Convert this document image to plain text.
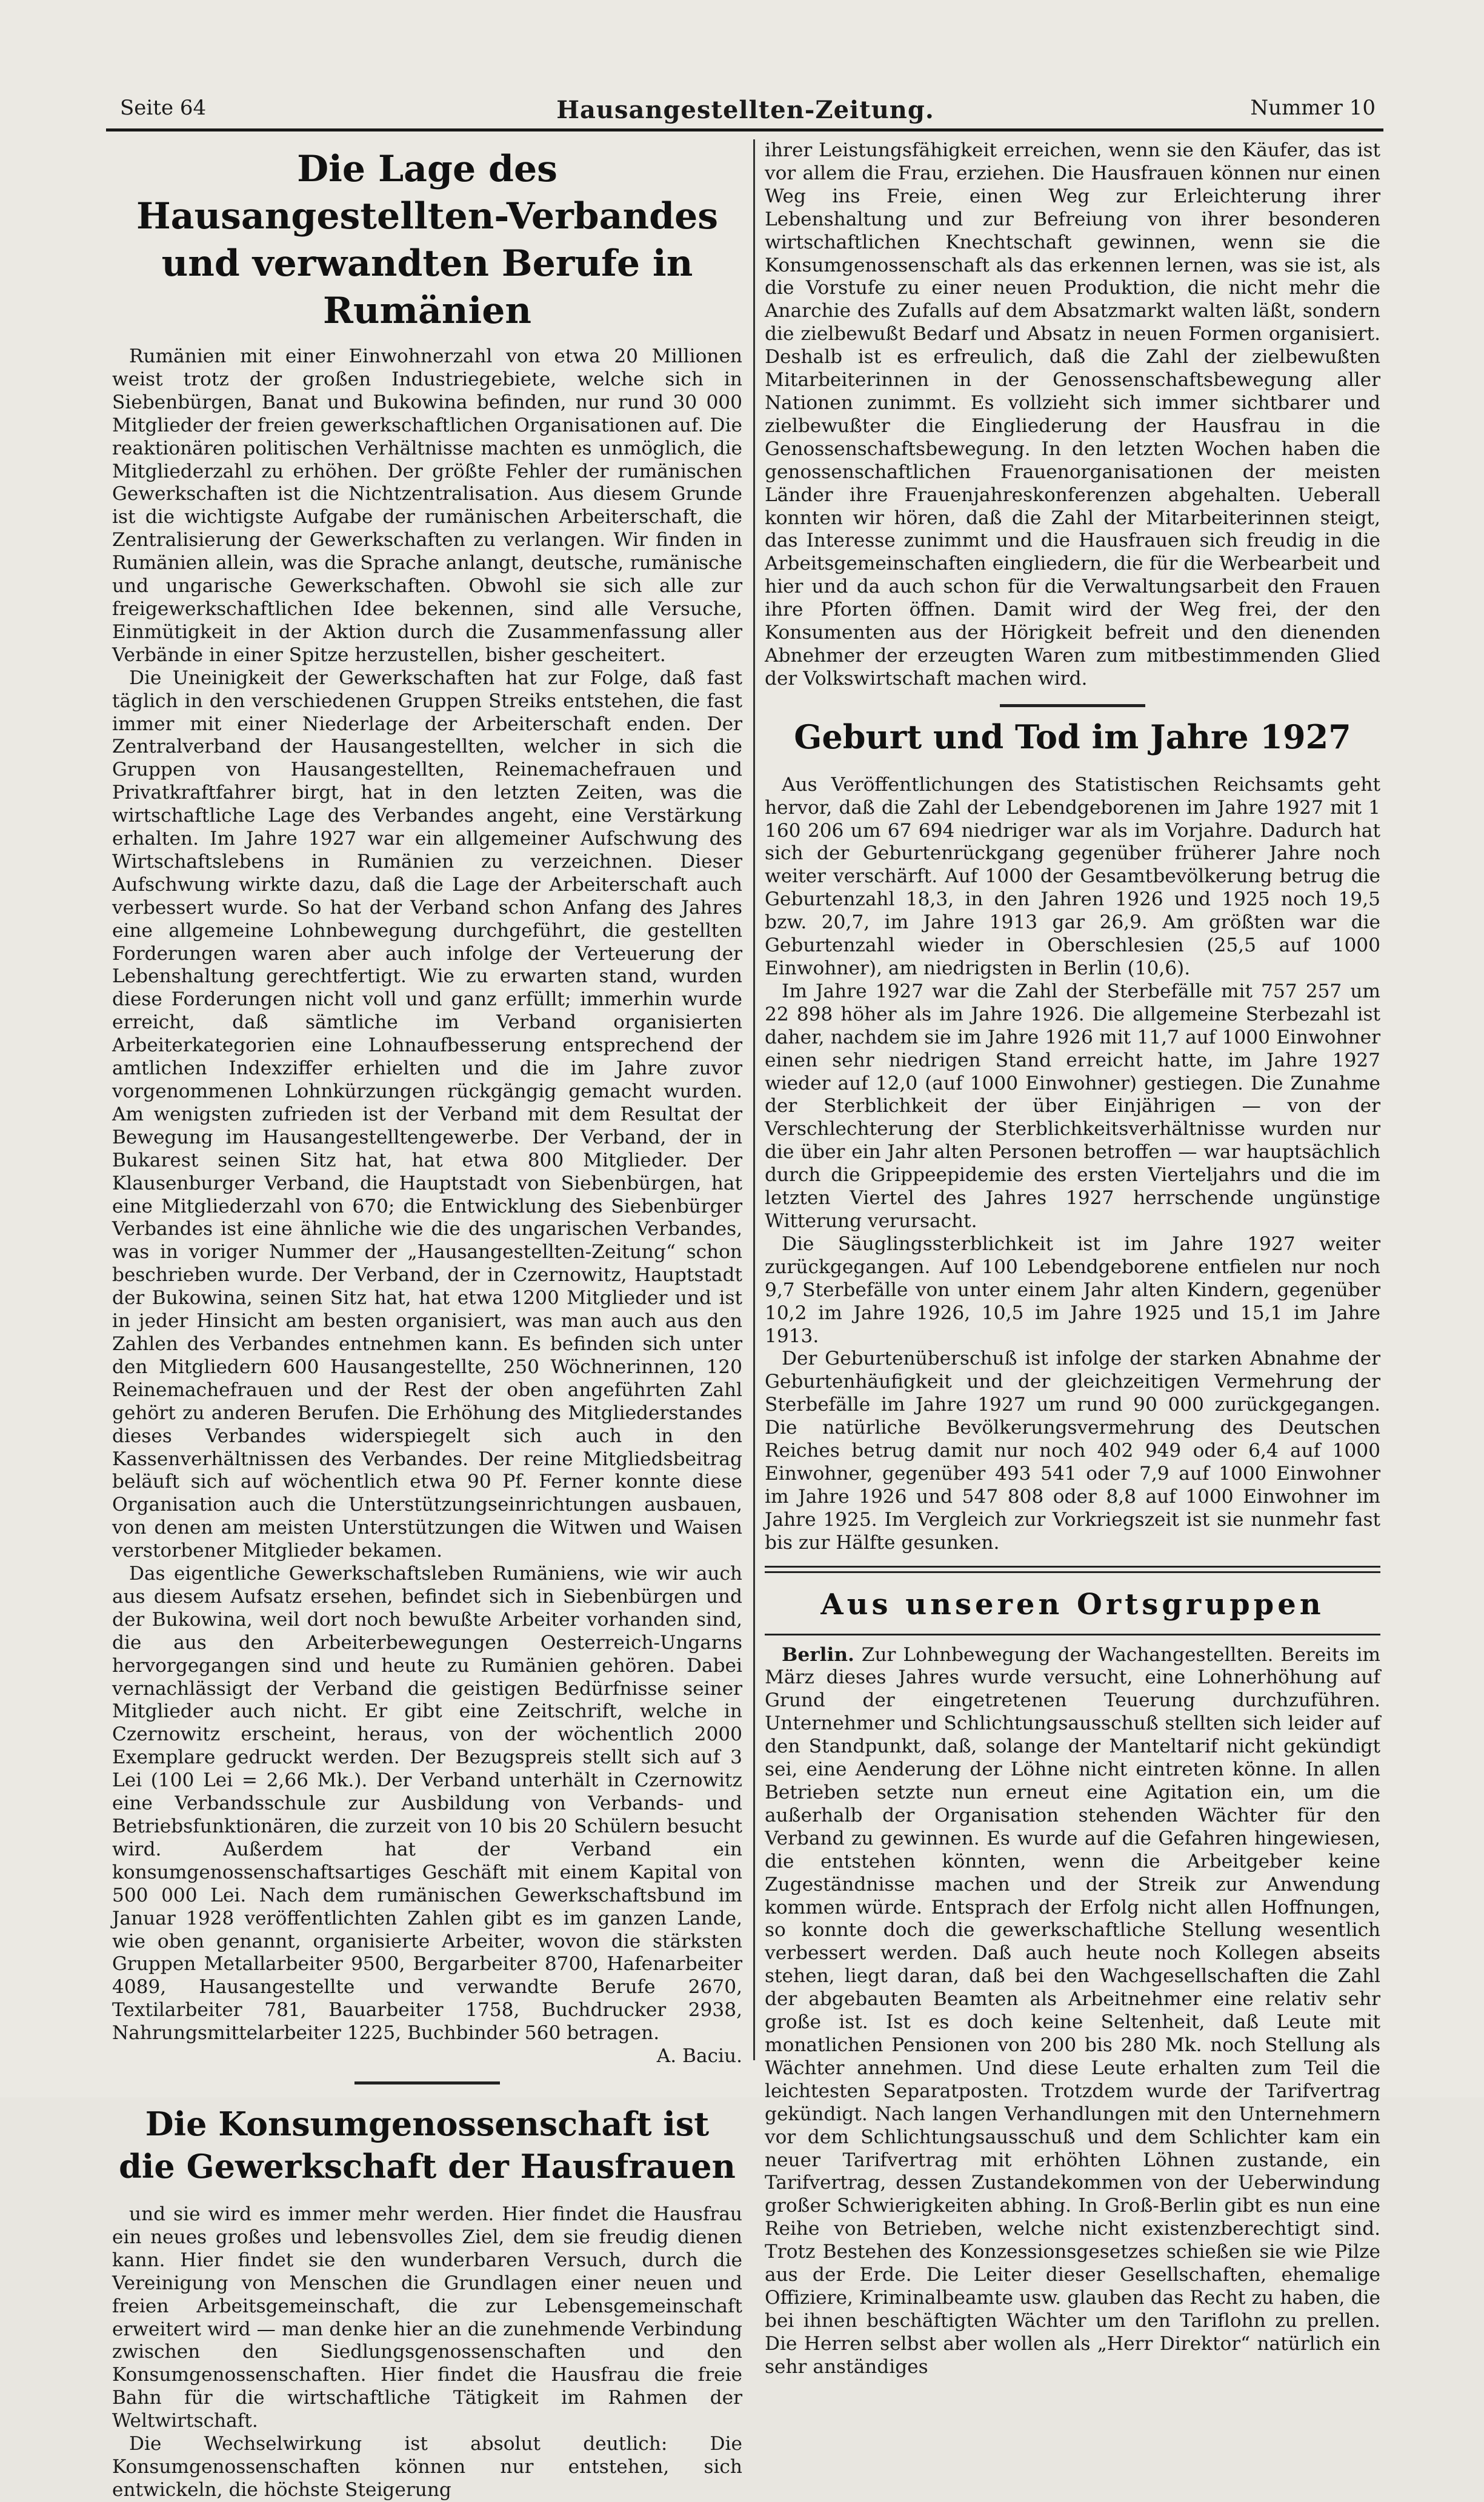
Seite 64	Hausangestellten-Zeitung.	Nummer 10
Die Lage des Hausangestellten-Verbandes und verwandten Berufe in Rumänien

Rumänien mit einer Einwohnerzahl von etwa 20 Millionen weist trotz der großen Industriegebiete, welche sich in Siebenbürgen, Banat und Bukowina befinden, nur rund 30 000 Mitglieder der freien gewerkschaftlichen Organisationen auf. Die reaktionären politischen Verhältnisse machten es unmöglich, die Mitgliederzahl zu erhöhen. Der größte Fehler der rumänischen Gewerkschaften ist die Nichtzentralisation. Aus diesem Grunde ist die wichtigste Aufgabe der rumänischen Arbeiterschaft, die Zentralisierung der Gewerkschaften zu verlangen. Wir finden in Rumänien allein, was die Sprache anlangt, deutsche, rumänische und ungarische Gewerkschaften. Obwohl sie sich alle zur freigewerkschaftlichen Idee bekennen, sind alle Versuche, Einmütigkeit in der Aktion durch die Zusammenfassung aller Verbände in einer Spitze herzustellen, bisher gescheitert.

Die Uneinigkeit der Gewerkschaften hat zur Folge, daß fast täglich in den verschiedenen Gruppen Streiks entstehen, die fast immer mit einer Niederlage der Arbeiterschaft enden. Der Zentralverband der Hausangestellten, welcher in sich die Gruppen von Hausangestellten, Reinemachefrauen und Privatkraftfahrer birgt, hat in den letzten Zeiten, was die wirtschaftliche Lage des Verbandes angeht, eine Verstärkung erhalten. Im Jahre 1927 war ein allgemeiner Aufschwung des Wirtschaftslebens in Rumänien zu verzeichnen. Dieser Aufschwung wirkte dazu, daß die Lage der Arbeiterschaft auch verbessert wurde. So hat der Verband schon Anfang des Jahres eine allgemeine Lohnbewegung durchgeführt, die gestellten Forderungen waren aber auch infolge der Verteuerung der Lebenshaltung gerechtfertigt. Wie zu erwarten stand, wurden diese Forderungen nicht voll und ganz erfüllt; immerhin wurde erreicht, daß sämtliche im Verband organisierten Arbeiterkategorien eine Lohnaufbesserung entsprechend der amtlichen Indexziffer erhielten und die im Jahre zuvor vorgenommenen Lohnkürzungen rückgängig gemacht wurden. Am wenigsten zufrieden ist der Verband mit dem Resultat der Bewegung im Hausangestelltengewerbe. Der Verband, der in Bukarest seinen Sitz hat, hat etwa 800 Mitglieder. Der Klausenburger Verband, die Hauptstadt von Siebenbürgen, hat eine Mitgliederzahl von 670; die Entwicklung des Siebenbürger Verbandes ist eine ähnliche wie die des ungarischen Verbandes, was in voriger Nummer der „Hausangestellten-Zeitung“ schon beschrieben wurde. Der Verband, der in Czernowitz, Hauptstadt der Bukowina, seinen Sitz hat, hat etwa 1200 Mitglieder und ist in jeder Hinsicht am besten organisiert, was man auch aus den Zahlen des Verbandes entnehmen kann. Es befinden sich unter den Mitgliedern 600 Hausangestellte, 250 Wöchnerinnen, 120 Reinemachefrauen und der Rest der oben angeführten Zahl gehört zu anderen Berufen. Die Erhöhung des Mitgliederstandes dieses Verbandes widerspiegelt sich auch in den Kassenverhältnissen des Verbandes. Der reine Mitgliedsbeitrag beläuft sich auf wöchentlich etwa 90 Pf. Ferner konnte diese Organisation auch die Unterstützungseinrichtungen ausbauen, von denen am meisten Unterstützungen die Witwen und Waisen verstorbener Mitglieder bekamen.

Das eigentliche Gewerkschaftsleben Rumäniens, wie wir auch aus diesem Aufsatz ersehen, befindet sich in Siebenbürgen und der Bukowina, weil dort noch bewußte Arbeiter vorhanden sind, die aus den Arbeiterbewegungen Oesterreich-Ungarns hervorgegangen sind und heute zu Rumänien gehören. Dabei vernachlässigt der Verband die geistigen Bedürfnisse seiner Mitglieder auch nicht. Er gibt eine Zeitschrift, welche in Czernowitz erscheint, heraus, von der wöchentlich 2000 Exemplare gedruckt werden. Der Bezugspreis stellt sich auf 3 Lei (100 Lei = 2,66 Mk.). Der Verband unterhält in Czernowitz eine Verbandsschule zur Ausbildung von Verbands- und Betriebsfunktionären, die zurzeit von 10 bis 20 Schülern besucht wird. Außerdem hat der Verband ein konsumgenossenschaftsartiges Geschäft mit einem Kapital von 500 000 Lei. Nach dem rumänischen Gewerkschaftsbund im Januar 1928 veröffentlichten Zahlen gibt es im ganzen Lande, wie oben genannt, organisierte Arbeiter, wovon die stärksten Gruppen Metallarbeiter 9500, Bergarbeiter 8700, Hafenarbeiter 4089, Hausangestellte und verwandte Berufe 2670, Textilarbeiter 781, Bauarbeiter 1758, Buchdrucker 2938, Nahrungsmittelarbeiter 1225, Buchbinder 560 betragen.

A. Baciu.

Die Konsumgenossenschaft ist die Gewerkschaft der Hausfrauen

und sie wird es immer mehr werden. Hier findet die Hausfrau ein neues großes und lebensvolles Ziel, dem sie freudig dienen kann. Hier findet sie den wunderbaren Versuch, durch die Vereinigung von Menschen die Grundlagen einer neuen und freien Arbeitsgemeinschaft, die zur Lebensgemeinschaft erweitert wird — man denke hier an die zunehmende Verbindung zwischen den Siedlungsgenossenschaften und den Konsumgenossenschaften. Hier findet die Hausfrau die freie Bahn für die wirtschaftliche Tätigkeit im Rahmen der Weltwirtschaft.

Die Wechselwirkung ist absolut deutlich: Die Konsumgenossenschaften können nur entstehen, sich entwickeln, die höchste Steigerung

ihrer Leistungsfähigkeit erreichen, wenn sie den Käufer, das ist vor allem die Frau, erziehen. Die Hausfrauen können nur einen Weg ins Freie, einen Weg zur Erleichterung ihrer Lebenshaltung und zur Befreiung von ihrer besonderen wirtschaftlichen Knechtschaft gewinnen, wenn sie die Konsumgenossenschaft als das erkennen lernen, was sie ist, als die Vorstufe zu einer neuen Produktion, die nicht mehr die Anarchie des Zufalls auf dem Absatzmarkt walten läßt, sondern die zielbewußt Bedarf und Absatz in neuen Formen organisiert. Deshalb ist es erfreulich, daß die Zahl der zielbewußten Mitarbeiterinnen in der Genossenschaftsbewegung aller Nationen zunimmt. Es vollzieht sich immer sichtbarer und zielbewußter die Eingliederung der Hausfrau in die Genossenschaftsbewegung. In den letzten Wochen haben die genossenschaftlichen Frauenorganisationen der meisten Länder ihre Frauenjahreskonferenzen abgehalten. Ueberall konnten wir hören, daß die Zahl der Mitarbeiterinnen steigt, das Interesse zunimmt und die Hausfrauen sich freudig in die Arbeitsgemeinschaften eingliedern, die für die Werbearbeit und hier und da auch schon für die Verwaltungsarbeit den Frauen ihre Pforten öffnen. Damit wird der Weg frei, der den Konsumenten aus der Hörigkeit befreit und den dienenden Abnehmer der erzeugten Waren zum mitbestimmenden Glied der Volkswirtschaft machen wird.

Geburt und Tod im Jahre 1927

Aus Veröffentlichungen des Statistischen Reichsamts geht hervor, daß die Zahl der Lebendgeborenen im Jahre 1927 mit 1 160 206 um 67 694 niedriger war als im Vorjahre. Dadurch hat sich der Geburtenrückgang gegenüber früherer Jahre noch weiter verschärft. Auf 1000 der Gesamtbevölkerung betrug die Geburtenzahl 18,3, in den Jahren 1926 und 1925 noch 19,5 bzw. 20,7, im Jahre 1913 gar 26,9. Am größten war die Geburtenzahl wieder in Oberschlesien (25,5 auf 1000 Einwohner), am niedrigsten in Berlin (10,6).

Im Jahre 1927 war die Zahl der Sterbefälle mit 757 257 um 22 898 höher als im Jahre 1926. Die allgemeine Sterbezahl ist daher, nachdem sie im Jahre 1926 mit 11,7 auf 1000 Einwohner einen sehr niedrigen Stand erreicht hatte, im Jahre 1927 wieder auf 12,0 (auf 1000 Einwohner) gestiegen. Die Zunahme der Sterblichkeit der über Einjährigen — von der Verschlechterung der Sterblichkeitsverhältnisse wurden nur die über ein Jahr alten Personen betroffen — war hauptsächlich durch die Grippeepidemie des ersten Vierteljahrs und die im letzten Viertel des Jahres 1927 herrschende ungünstige Witterung verursacht.

Die Säuglingssterblichkeit ist im Jahre 1927 weiter zurückgegangen. Auf 100 Lebendgeborene entfielen nur noch 9,7 Sterbefälle von unter einem Jahr alten Kindern, gegenüber 10,2 im Jahre 1926, 10,5 im Jahre 1925 und 15,1 im Jahre 1913.

Der Geburtenüberschuß ist infolge der starken Abnahme der Geburtenhäufigkeit und der gleichzeitigen Vermehrung der Sterbefälle im Jahre 1927 um rund 90 000 zurückgegangen. Die natürliche Bevölkerungsvermehrung des Deutschen Reiches betrug damit nur noch 402 949 oder 6,4 auf 1000 Einwohner, gegenüber 493 541 oder 7,9 auf 1000 Einwohner im Jahre 1926 und 547 808 oder 8,8 auf 1000 Einwohner im Jahre 1925. Im Vergleich zur Vorkriegszeit ist sie nunmehr fast bis zur Hälfte gesunken.

Aus unseren Ortsgruppen

Berlin. Zur Lohnbewegung der Wachangestellten. Bereits im März dieses Jahres wurde versucht, eine Lohnerhöhung auf Grund der eingetretenen Teuerung durchzuführen. Unternehmer und Schlichtungsausschuß stellten sich leider auf den Standpunkt, daß, solange der Manteltarif nicht gekündigt sei, eine Aenderung der Löhne nicht eintreten könne. In allen Betrieben setzte nun erneut eine Agitation ein, um die außerhalb der Organisation stehenden Wächter für den Verband zu gewinnen. Es wurde auf die Gefahren hingewiesen, die entstehen könnten, wenn die Arbeitgeber keine Zugeständnisse machen und der Streik zur Anwendung kommen würde. Entsprach der Erfolg nicht allen Hoffnungen, so konnte doch die gewerkschaftliche Stellung wesentlich verbessert werden. Daß auch heute noch Kollegen abseits stehen, liegt daran, daß bei den Wachgesellschaften die Zahl der abgebauten Beamten als Arbeitnehmer eine relativ sehr große ist. Ist es doch keine Seltenheit, daß Leute mit monatlichen Pensionen von 200 bis 280 Mk. noch Stellung als Wächter annehmen. Und diese Leute erhalten zum Teil die leichtesten Separatposten. Trotzdem wurde der Tarifvertrag gekündigt. Nach langen Verhandlungen mit den Unternehmern vor dem Schlichtungsausschuß und dem Schlichter kam ein neuer Tarifvertrag mit erhöhten Löhnen zustande, ein Tarifvertrag, dessen Zustandekommen von der Ueberwindung großer Schwierigkeiten abhing. In Groß-Berlin gibt es nun eine Reihe von Betrieben, welche nicht existenzberechtigt sind. Trotz Bestehen des Konzessionsgesetzes schießen sie wie Pilze aus der Erde. Die Leiter dieser Gesellschaften, ehemalige Offiziere, Kriminalbeamte usw. glauben das Recht zu haben, die bei ihnen beschäftigten Wächter um den Tariflohn zu prellen. Die Herren selbst aber wollen als „Herr Direktor“ natürlich ein sehr anständiges
